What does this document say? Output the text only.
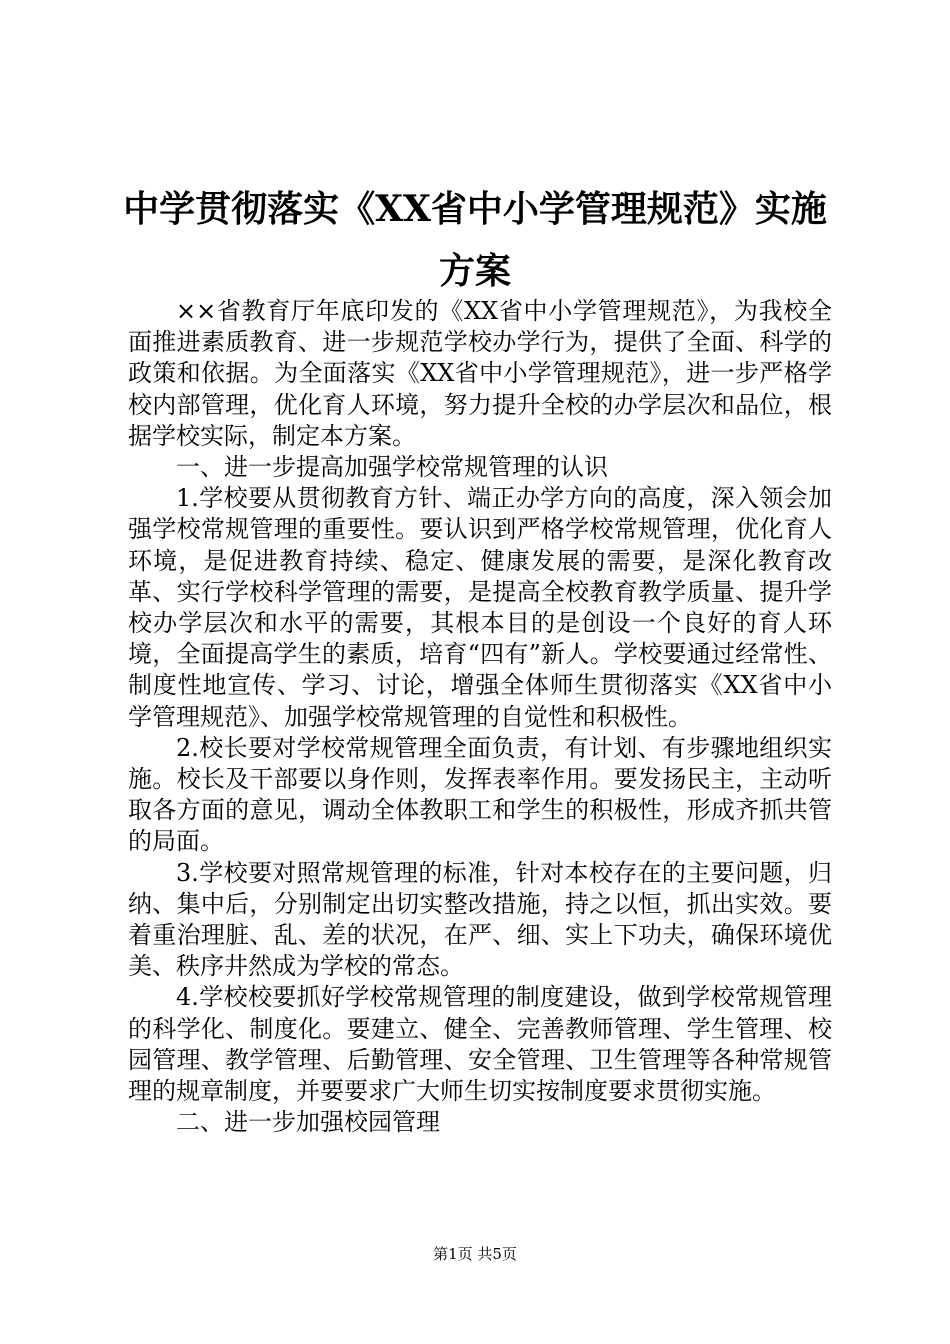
中学贯彻落实《XX省中小学管理规范》实施
方案

××省教育厅年底印发的《XX省中小学管理规范》，为我校全面推进素质教育、进一步规范学校办学行为，提供了全面、科学的政策和依据。为全面落实《XX省中小学管理规范》，进一步严格学校内部管理，优化育人环境，努力提升全校的办学层次和品位，根据学校实际，制定本方案。

一、进一步提高加强学校常规管理的认识

1.学校要从贯彻教育方针、端正办学方向的高度，深入领会加强学校常规管理的重要性。要认识到严格学校常规管理，优化育人环境，是促进教育持续、稳定、健康发展的需要，是深化教育改革、实行学校科学管理的需要，是提高全校教育教学质量、提升学校办学层次和水平的需要，其根本目的是创设一个良好的育人环境，全面提高学生的素质，培育“四有”新人。学校要通过经常性、制度性地宣传、学习、讨论，增强全体师生贯彻落实《XX省中小学管理规范》、加强学校常规管理的自觉性和积极性。

2.校长要对学校常规管理全面负责，有计划、有步骤地组织实施。校长及干部要以身作则，发挥表率作用。要发扬民主，主动听取各方面的意见，调动全体教职工和学生的积极性，形成齐抓共管的局面。

3.学校要对照常规管理的标准，针对本校存在的主要问题，归纳、集中后，分别制定出切实整改措施，持之以恒，抓出实效。要着重治理脏、乱、差的状况，在严、细、实上下功夫，确保环境优美、秩序井然成为学校的常态。

4.学校校要抓好学校常规管理的制度建设，做到学校常规管理的科学化、制度化。要建立、健全、完善教师管理、学生管理、校园管理、教学管理、后勤管理、安全管理、卫生管理等各种常规管理的规章制度，并要要求广大师生切实按制度要求贯彻实施。

二、进一步加强校园管理

第1页 共5页
